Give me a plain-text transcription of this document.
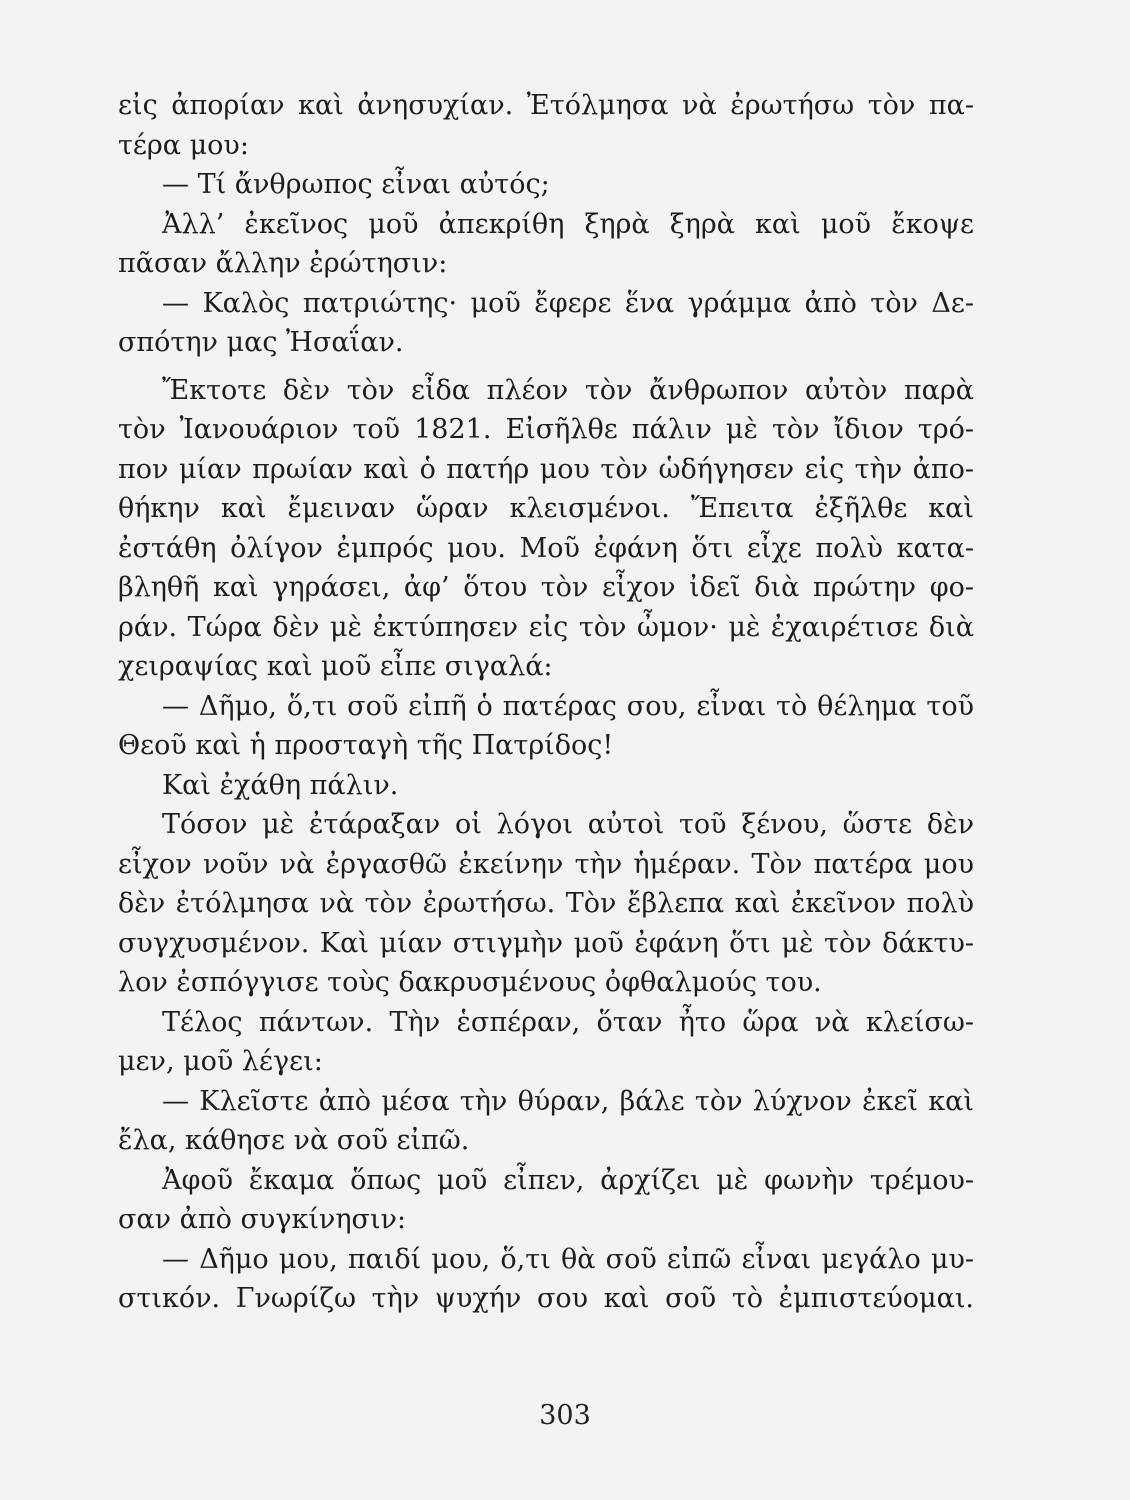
εἰς ἀπορίαν καὶ ἀνησυχίαν. Ἐτόλμησα νὰ ἐρωτήσω τὸν πα-
τέρα μου:
— Τί ἄνθρωπος εἶναι αὐτός;
Ἀλλ’ ἐκεῖνος μοῦ ἀπεκρίθη ξηρὰ ξηρὰ καὶ μοῦ ἔκοψε
πᾶσαν ἄλλην ἐρώτησιν:
— Καλὸς πατριώτης· μοῦ ἔφερε ἕνα γράμμα ἀπὸ τὸν Δε-
σπότην μας Ἠσαΐαν.
Ἔκτοτε δὲν τὸν εἶδα πλέον τὸν ἄνθρωπον αὐτὸν παρὰ
τὸν Ἰανουάριον τοῦ 1821. Εἰσῆλθε πάλιν μὲ τὸν ἴδιον τρό-
πον μίαν πρωίαν καὶ ὁ πατήρ μου τὸν ὡδήγησεν εἰς τὴν ἀπο-
θήκην καὶ ἔμειναν ὥραν κλεισμένοι. Ἔπειτα ἐξῆλθε καὶ
ἐστάθη ὀλίγον ἐμπρός μου. Μοῦ ἐφάνη ὅτι εἶχε πολὺ κατα-
βληθῆ καὶ γηράσει, ἀφ’ ὅτου τὸν εἶχον ἰδεῖ διὰ πρώτην φο-
ράν. Τώρα δὲν μὲ ἐκτύπησεν εἰς τὸν ὦμον· μὲ ἐχαιρέτισε διὰ
χειραψίας καὶ μοῦ εἶπε σιγαλά:
— Δῆμο, ὅ,τι σοῦ εἰπῆ ὁ πατέρας σου, εἶναι τὸ θέλημα τοῦ
Θεοῦ καὶ ἡ προσταγὴ τῆς Πατρίδος!
Καὶ ἐχάθη πάλιν.
Τόσον μὲ ἐτάραξαν οἱ λόγοι αὐτοὶ τοῦ ξένου, ὥστε δὲν
εἶχον νοῦν νὰ ἐργασθῶ ἐκείνην τὴν ἡμέραν. Τὸν πατέρα μου
δὲν ἐτόλμησα νὰ τὸν ἐρωτήσω. Τὸν ἔβλεπα καὶ ἐκεῖνον πολὺ
συγχυσμένον. Καὶ μίαν στιγμὴν μοῦ ἐφάνη ὅτι μὲ τὸν δάκτυ-
λον ἐσπόγγισε τοὺς δακρυσμένους ὀφθαλμούς του.
Τέλος πάντων. Τὴν ἑσπέραν, ὅταν ἦτο ὥρα νὰ κλείσω-
μεν, μοῦ λέγει:
— Κλεῖστε ἀπὸ μέσα τὴν θύραν, βάλε τὸν λύχνον ἐκεῖ καὶ
ἔλα, κάθησε νὰ σοῦ εἰπῶ.
Ἀφοῦ ἔκαμα ὅπως μοῦ εἶπεν, ἀρχίζει μὲ φωνὴν τρέμου-
σαν ἀπὸ συγκίνησιν:
— Δῆμο μου, παιδί μου, ὅ,τι θὰ σοῦ εἰπῶ εἶναι μεγάλο μυ-
στικόν. Γνωρίζω τὴν ψυχήν σου καὶ σοῦ τὸ ἐμπιστεύομαι.
303
